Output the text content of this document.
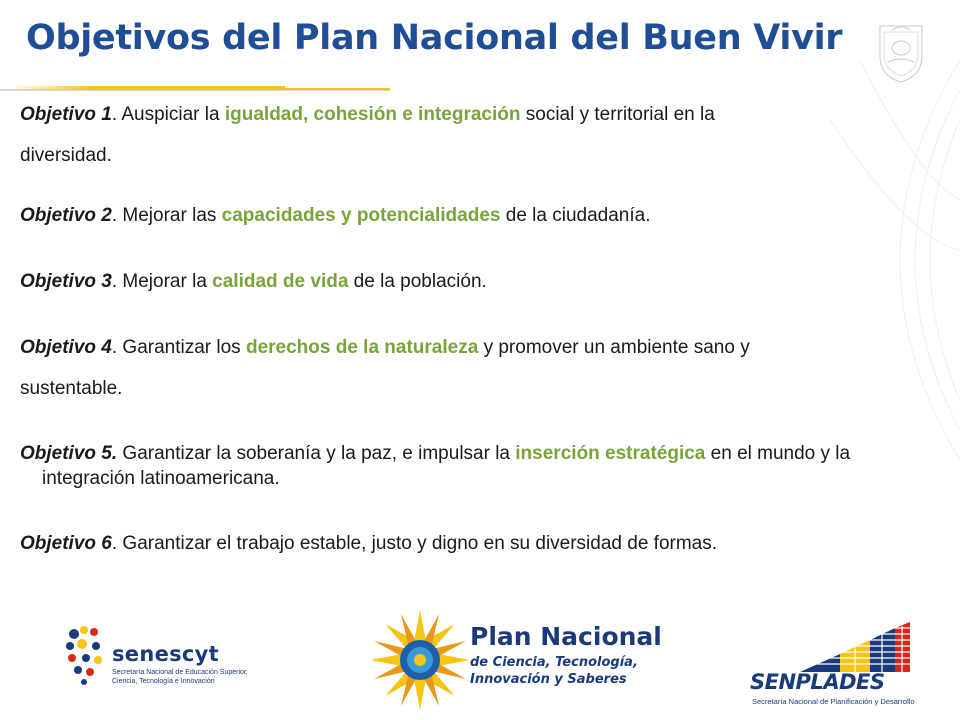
Objetivos del Plan Nacional del Buen Vivir

Objetivo 1. Auspiciar la igualdad, cohesión e integración social y territorial en la

diversidad.

Objetivo 2. Mejorar las capacidades y potencialidades de la ciudadanía.

Objetivo 3. Mejorar la calidad de vida de la población.

Objetivo 4. Garantizar los derechos de la naturaleza y promover un ambiente sano y

sustentable.

Objetivo 5. Garantizar la soberanía y la paz, e impulsar la inserción estratégica en el mundo y la integración latinoamericana.

Objetivo 6. Garantizar el trabajo estable, justo y digno en su diversidad de formas.

senescyt
Secretaría Nacional de Educación Superior,
Ciencia, Tecnología e Innovación
Plan Nacional
de Ciencia, Tecnología,
Innovación y Saberes	SENPLADES
Secretaría Nacional de Planificación y Desarrollo
